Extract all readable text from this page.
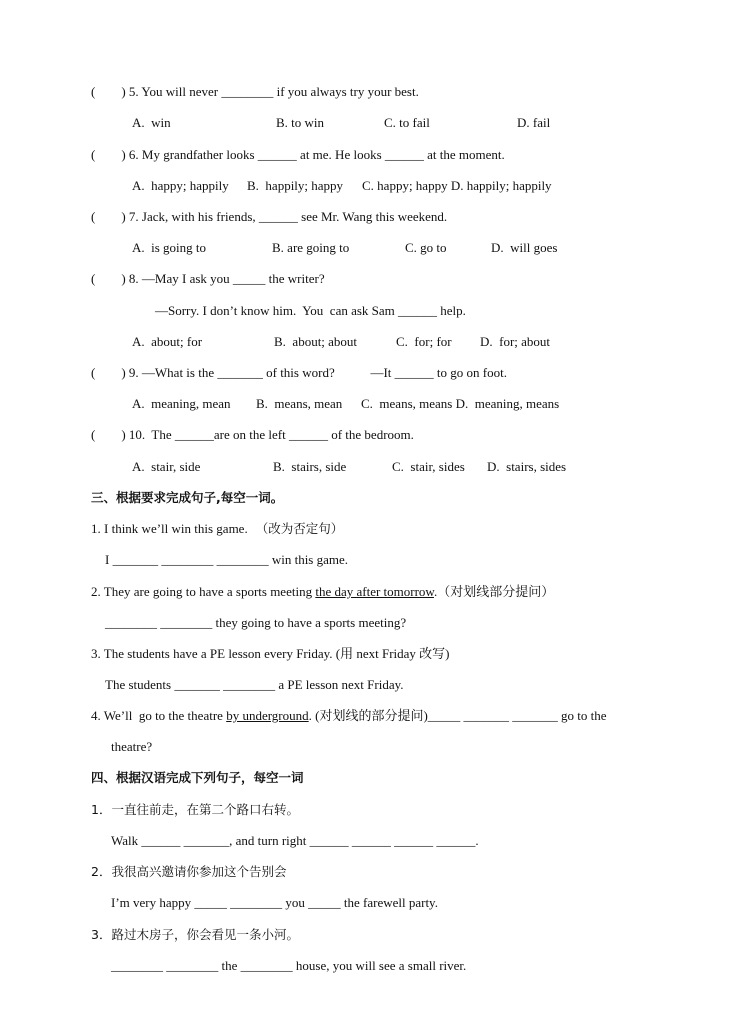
(        ) 5. You will never ________ if you always try your best.
A.  win	B. to win	C. to fail	D. fail
(        ) 6. My grandfather looks ______ at me. He looks ______ at the moment.
A.  happy; happily B.  happily; happy C. happy; happy D. happily; happily
(        ) 7. Jack, with his friends, ______ see Mr. Wang this weekend.
A.  is going to	B. are going to	C. go to	D.  will goes
(        ) 8. —May I ask you _____ the writer?
—Sorry. I don’t know him.  You  can ask Sam ______ help.
A.  about; for	B.  about; about	C.  for; for D.  for; about
(        ) 9. —What is the _______ of this word?           —It ______ to go on foot.
A.  meaning, mean B.  means, mean C.  means, means D.  meaning, means
(        ) 10.  The ______are on the left ______ of the bedroom.
A.  stair, side	B.  stairs, side	C.  stair, sides D.  stairs, sides
三、根据要求完成句子,每空一词。
1. I think we’ll win this game. （改为否定句）
I _______ ________ ________ win this game.
2. They are going to have a sports meeting the day after tomorrow.（对划线部分提问）
________ ________ they going to have a sports meeting?
3. The students have a PE lesson every Friday. (用 next Friday 改写)
The students _______ ________ a PE lesson next Friday.
4. We’ll  go to the theatre by underground. (对划线的部分提问)_____ _______ _______ go to the
theatre?
四、根据汉语完成下列句子，每空一词
1．一直往前走，在第二个路口右转。
Walk ______ _______, and turn right ______ ______ ______ ______.
2．我很高兴邀请你参加这个告别会
I’m very happy _____ ________ you _____ the farewell party.
3．路过木房子，你会看见一条小河。
________ ________ the ________ house, you will see a small river.
